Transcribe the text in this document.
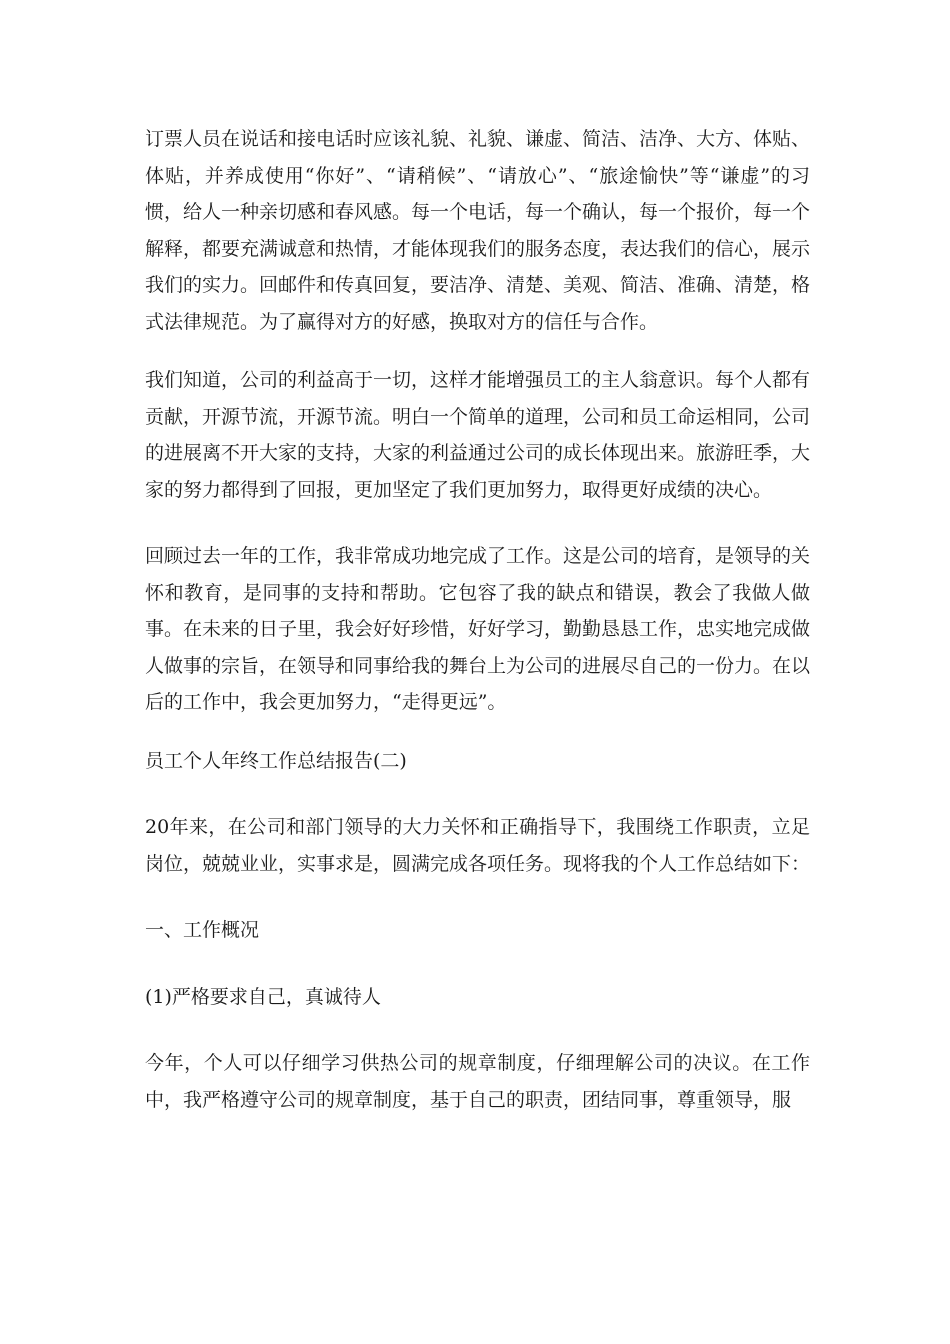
订票人员在说话和接电话时应该礼貌、礼貌、谦虚、简洁、洁净、大方、体贴、体贴，并养成使用“你好”、“请稍候”、“请放心”、“旅途愉快”等“谦虚”的习惯，给人一种亲切感和春风感。每一个电话，每一个确认，每一个报价，每一个解释，都要充满诚意和热情，才能体现我们的服务态度，表达我们的信心，展示我们的实力。回邮件和传真回复，要洁净、清楚、美观、简洁、准确、清楚，格式法律规范。为了赢得对方的好感，换取对方的信任与合作。

我们知道，公司的利益高于一切，这样才能增强员工的主人翁意识。每个人都有贡献，开源节流，开源节流。明白一个简单的道理，公司和员工命运相同，公司的进展离不开大家的支持，大家的利益通过公司的成长体现出来。旅游旺季，大家的努力都得到了回报，更加坚定了我们更加努力，取得更好成绩的决心。

回顾过去一年的工作，我非常成功地完成了工作。这是公司的培育，是领导的关怀和教育，是同事的支持和帮助。它包容了我的缺点和错误，教会了我做人做事。在未来的日子里，我会好好珍惜，好好学习，勤勤恳恳工作，忠实地完成做人做事的宗旨，在领导和同事给我的舞台上为公司的进展尽自己的一份力。在以后的工作中，我会更加努力，“走得更远”。

员工个人年终工作总结报告(二)

20年来，在公司和部门领导的大力关怀和正确指导下，我围绕工作职责，立足岗位，兢兢业业，实事求是，圆满完成各项任务。现将我的个人工作总结如下：

一、工作概况

(1)严格要求自己，真诚待人

今年，个人可以仔细学习供热公司的规章制度，仔细理解公司的决议。在工作中，我严格遵守公司的规章制度，基于自己的职责，团结同事，尊重领导，服
